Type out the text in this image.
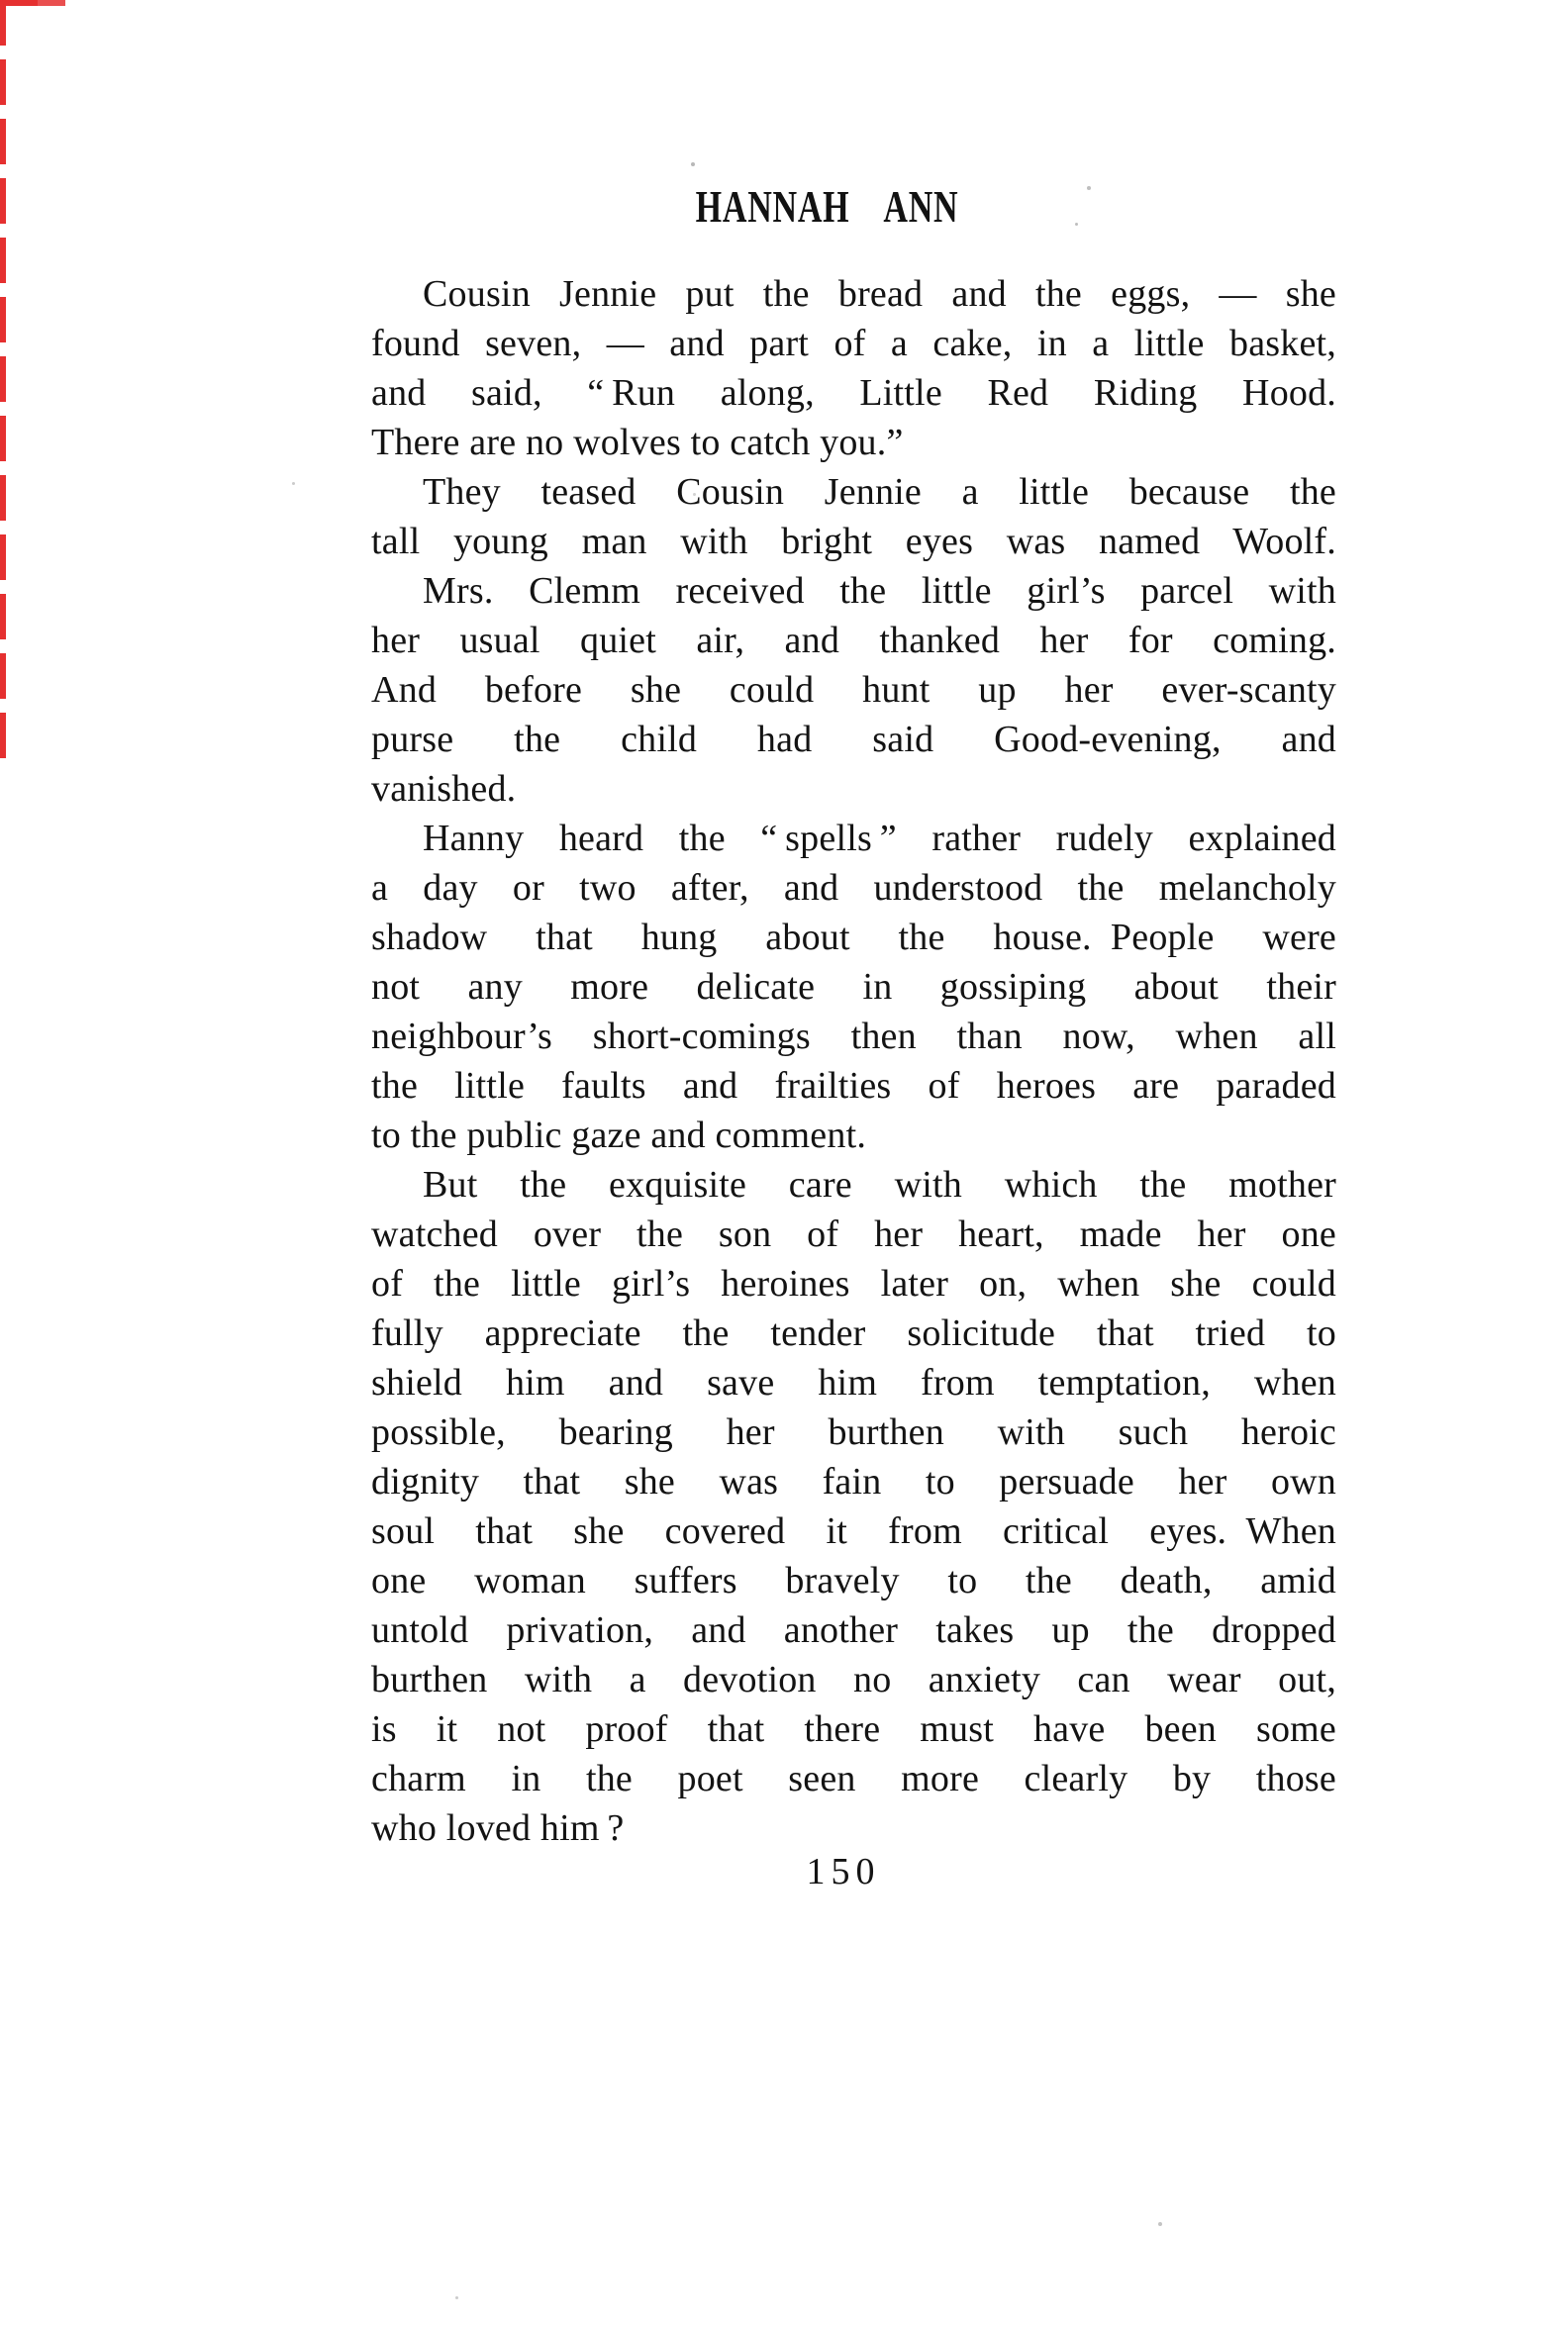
HANNAH ANN
Cousin Jennie put the bread and the eggs, — she
found seven, — and part of a cake, in a little basket,
and said, “ Run along, Little Red Riding Hood.
There are no wolves to catch you.”
They teased Cousin Jennie a little because the
tall young man with bright eyes was named Woolf.
Mrs. Clemm received the little girl’s parcel with
her usual quiet air, and thanked her for coming.
And before she could hunt up her ever-scanty
purse the child had said Good-evening, and
vanished.
Hanny heard the “ spells ” rather rudely explained
a day or two after, and understood the melancholy
shadow that hung about the house. People were
not any more delicate in gossiping about their
neighbour’s short-comings then than now, when all
the little faults and frailties of heroes are paraded
to the public gaze and comment.
But the exquisite care with which the mother
watched over the son of her heart, made her one
of the little girl’s heroines later on, when she could
fully appreciate the tender solicitude that tried to
shield him and save him from temptation, when
possible, bearing her burthen with such heroic
dignity that she was fain to persuade her own
soul that she covered it from critical eyes. When
one woman suffers bravely to the death, amid
untold privation, and another takes up the dropped
burthen with a devotion no anxiety can wear out,
is it not proof that there must have been some
charm in the poet seen more clearly by those
who loved him ?
150
